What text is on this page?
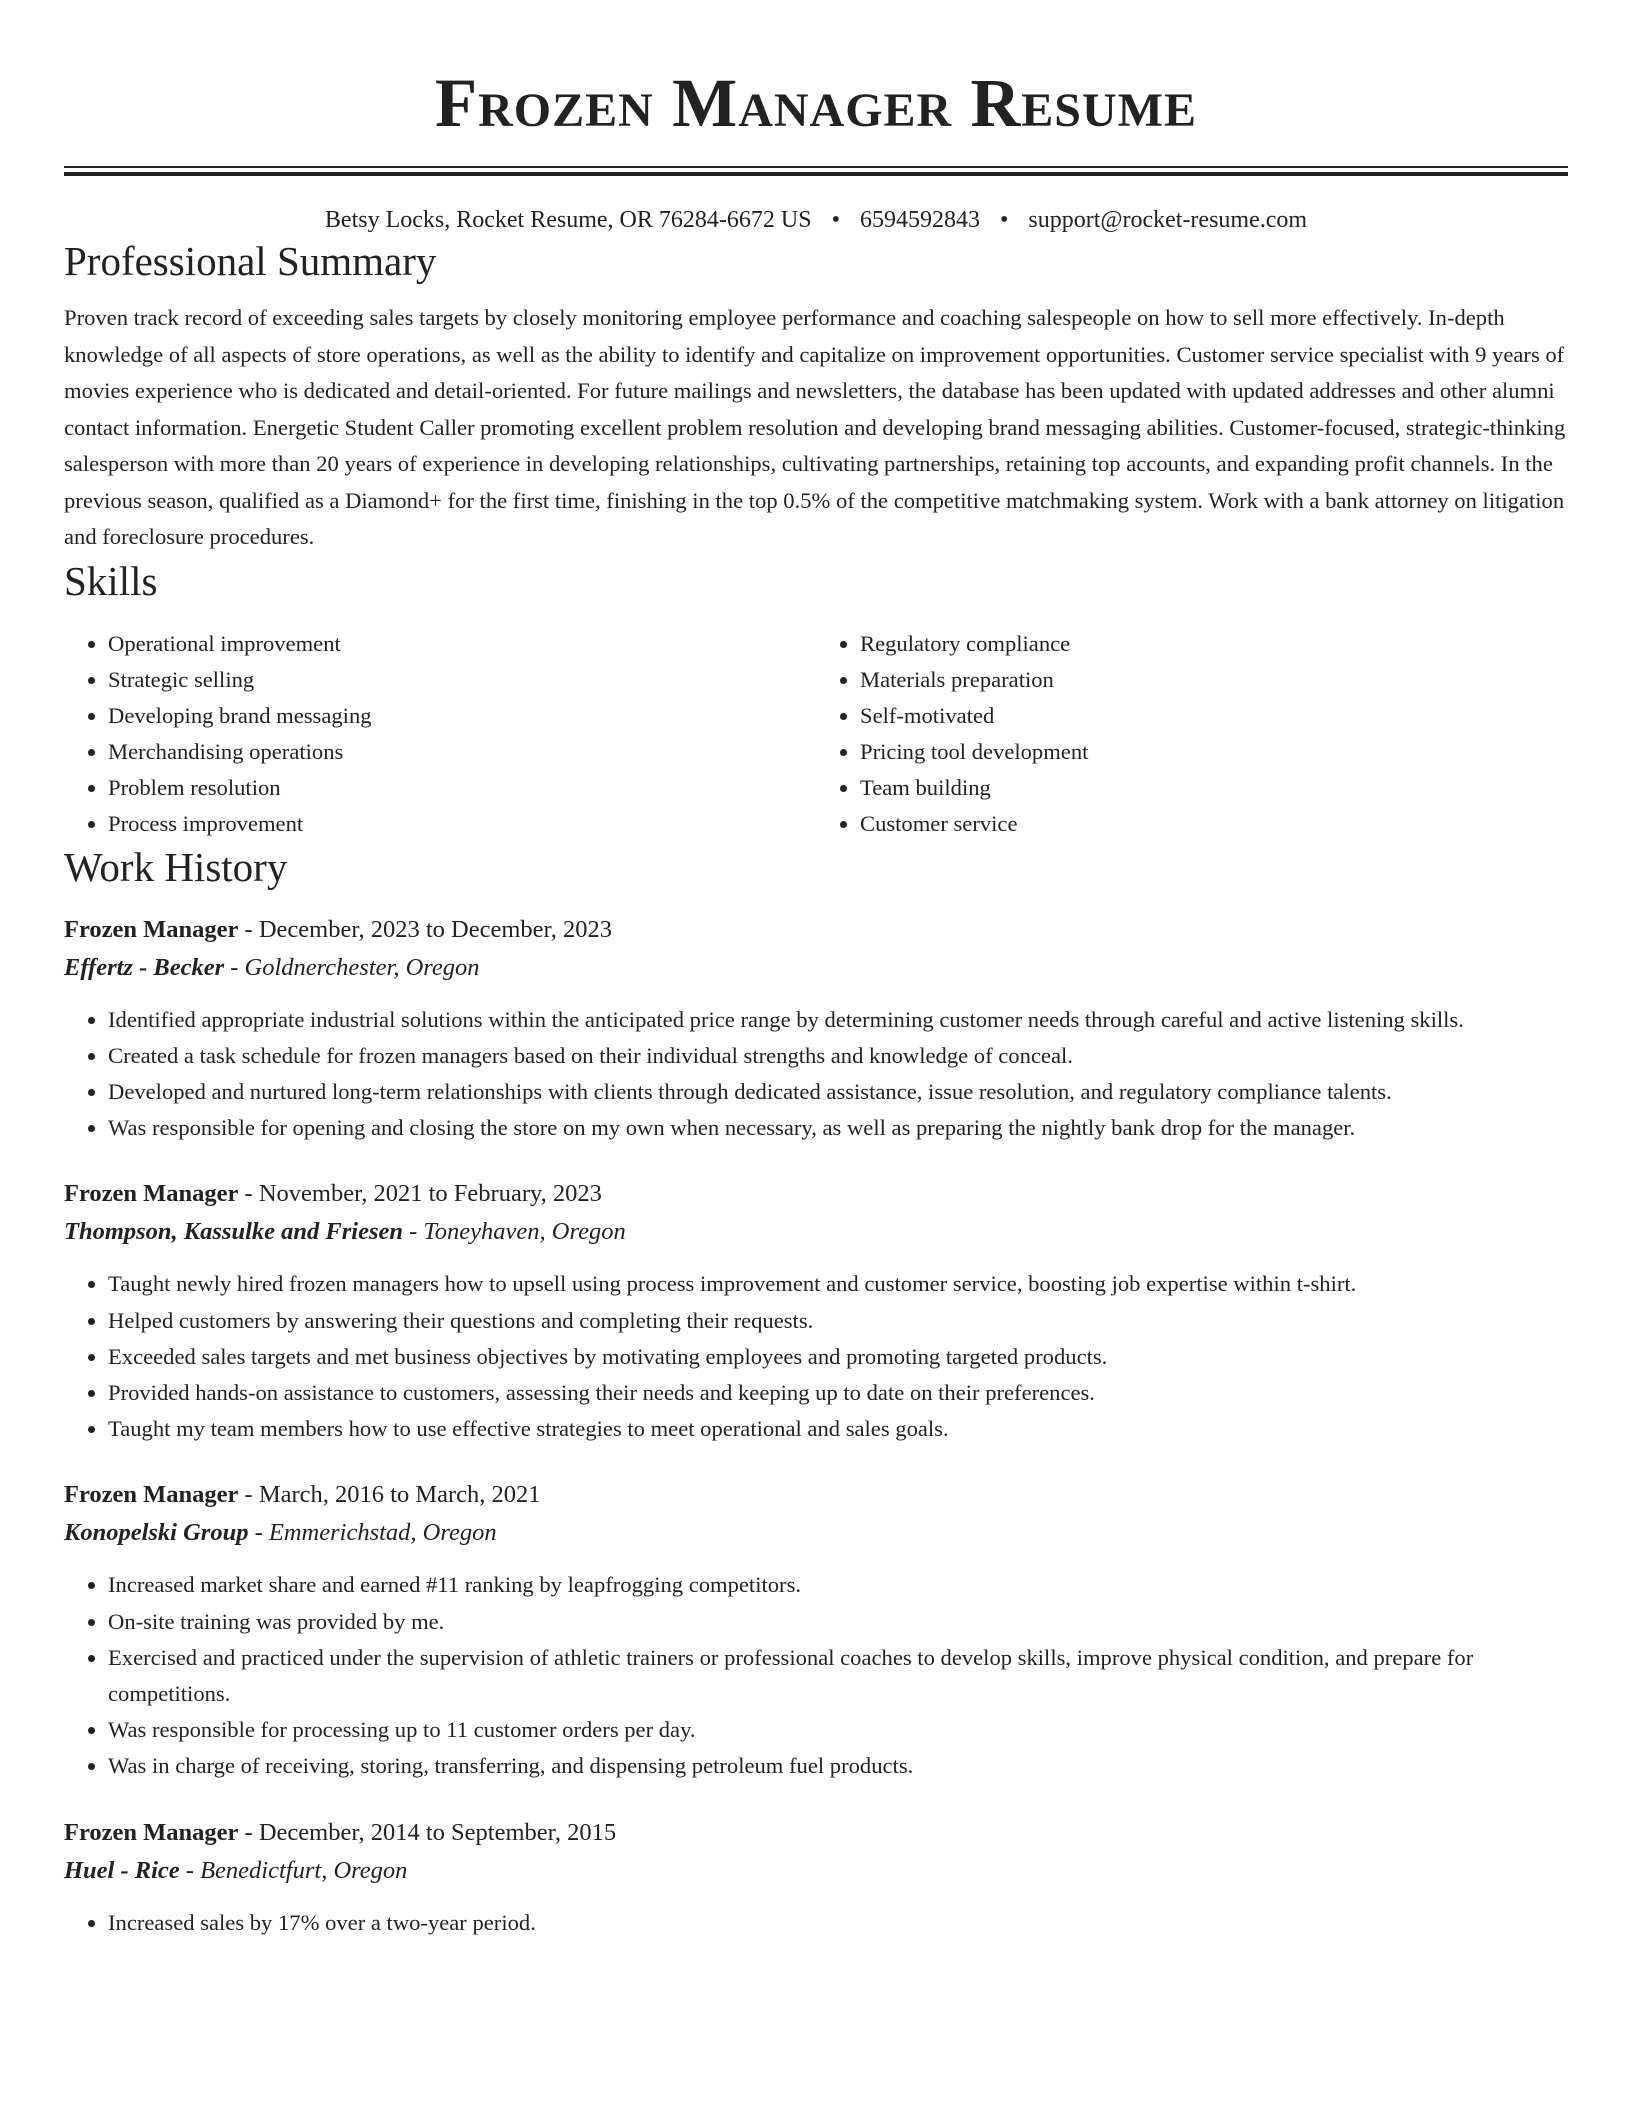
Frozen Manager Resume
Betsy Locks, Rocket Resume, OR 76284-6672 US • 6594592843 • support@rocket-resume.com
Professional Summary

Proven track record of exceeding sales targets by closely monitoring employee performance and coaching salespeople on how to sell more effectively. In-depth knowledge of all aspects of store operations, as well as the ability to identify and capitalize on improvement opportunities. Customer service specialist with 9 years of movies experience who is dedicated and detail-oriented. For future mailings and newsletters, the database has been updated with updated addresses and other alumni contact information. Energetic Student Caller promoting excellent problem resolution and developing brand messaging abilities. Customer-focused, strategic-thinking salesperson with more than 20 years of experience in developing relationships, cultivating partnerships, retaining top accounts, and expanding profit channels. In the previous season, qualified as a Diamond+ for the first time, finishing in the top 0.5% of the competitive matchmaking system. Work with a bank attorney on litigation and foreclosure procedures.

Skills
• Operational improvement
• Strategic selling
• Developing brand messaging
• Merchandising operations
• Problem resolution
• Process improvement
• Regulatory compliance
• Materials preparation
• Self-motivated
• Pricing tool development
• Team building
• Customer service
Work History
Frozen Manager - December, 2023 to December, 2023
Effertz - Becker - Goldnerchester, Oregon
• Identified appropriate industrial solutions within the anticipated price range by determining customer needs through careful and active listening skills.
• Created a task schedule for frozen managers based on their individual strengths and knowledge of conceal.
• Developed and nurtured long-term relationships with clients through dedicated assistance, issue resolution, and regulatory compliance talents.
• Was responsible for opening and closing the store on my own when necessary, as well as preparing the nightly bank drop for the manager.
Frozen Manager - November, 2021 to February, 2023
Thompson, Kassulke and Friesen - Toneyhaven, Oregon
• Taught newly hired frozen managers how to upsell using process improvement and customer service, boosting job expertise within t-shirt.
• Helped customers by answering their questions and completing their requests.
• Exceeded sales targets and met business objectives by motivating employees and promoting targeted products.
• Provided hands-on assistance to customers, assessing their needs and keeping up to date on their preferences.
• Taught my team members how to use effective strategies to meet operational and sales goals.
Frozen Manager - March, 2016 to March, 2021
Konopelski Group - Emmerichstad, Oregon
• Increased market share and earned #11 ranking by leapfrogging competitors.
• On-site training was provided by me.
• Exercised and practiced under the supervision of athletic trainers or professional coaches to develop skills, improve physical condition, and prepare for competitions.
• Was responsible for processing up to 11 customer orders per day.
• Was in charge of receiving, storing, transferring, and dispensing petroleum fuel products.
Frozen Manager - December, 2014 to September, 2015
Huel - Rice - Benedictfurt, Oregon
• Increased sales by 17% over a two-year period.
